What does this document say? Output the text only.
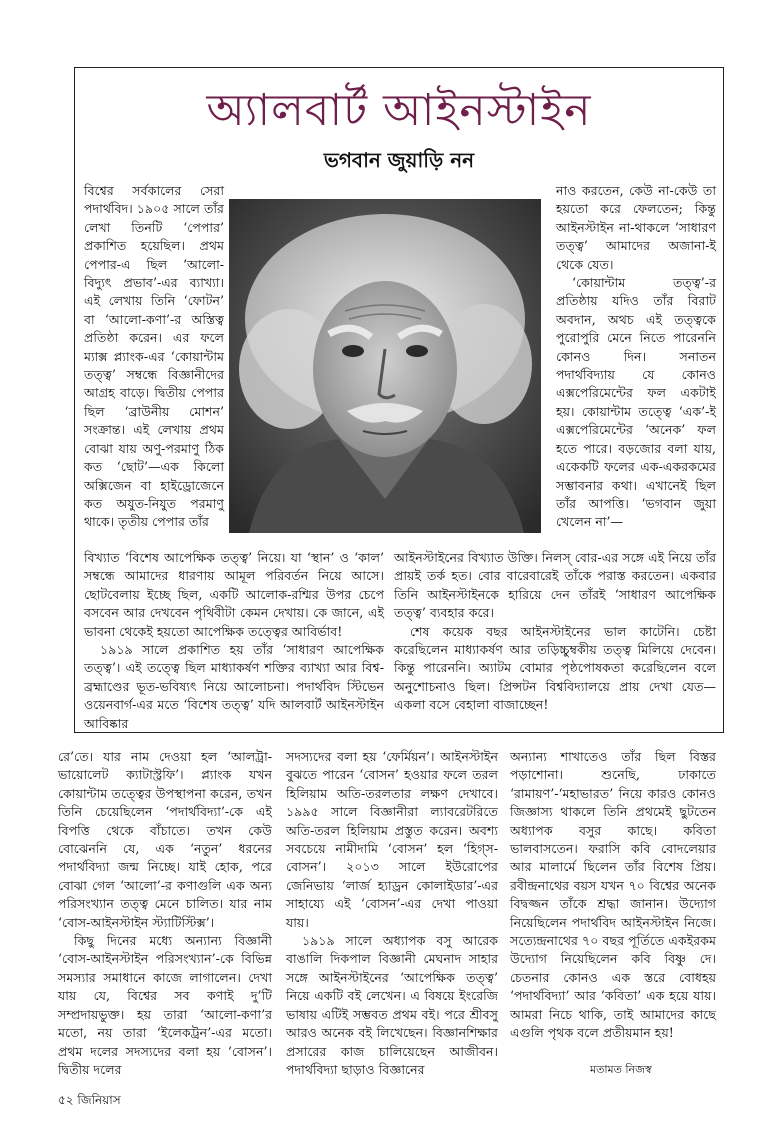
অ্যালবার্ট আইনস্টাইন
ভগবান জুয়াড়ি নন

বিশ্বের সর্বকালের সেরা পদার্থবিদ। ১৯০৫ সালে তাঁর লেখা তিনটি ‘পেপার’ প্রকাশিত হয়েছিল। প্রথম পেপার-এ ছিল ‘আলো-বিদ্যুৎ প্রভাব’-এর ব্যাখ্যা। এই লেখায় তিনি ‘ফোটন’ বা ‘আলো-কণা’-র অস্তিত্ব প্রতিষ্ঠা করেন। এর ফলে ম্যাক্স প্ল্যাংক-এর ‘কোয়ান্টাম তত্ত্ব’ সম্বন্ধে বিজ্ঞানীদের আগ্রহ বাড়ে। দ্বিতীয় পেপার ছিল ‘ব্রাউনীয় মোশন’ সংক্রান্ত। এই লেখায় প্রথম বোঝা যায় অণু-পরমাণু ঠিক কত ‘ছোট’—এক কিলো অক্সিজেন বা হাইড্রোজেনে কত অযুত-নিযুত পরমাণু থাকে। তৃতীয় পেপার তাঁর

নাও করতেন, কেউ না-কেউ তা হয়তো করে ফেলতেন; কিন্তু আইনস্টাইন না-থাকলে ‘সাধারণ তত্ত্ব’ আমাদের অজানা-ই থেকে যেত।

‘কোয়ান্টাম তত্ত্ব’-র প্রতিষ্ঠায় যদিও তাঁর বিরাট অবদান, অথচ এই তত্ত্বকে পুরোপুরি মেনে নিতে পারেননি কোনও দিন। সনাতন পদার্থবিদ্যায় যে কোনও এক্সপেরিমেন্টের ফল একটাই হয়। কোয়ান্টাম তত্ত্বে ‘এক’-ই এক্সপেরিমেন্টের ‘অনেক’ ফল হতে পারে। বড়জোর বলা যায়, একেকটি ফলের এক-একরকমের সম্ভাবনার কথা। এখানেই ছিল তাঁর আপত্তি। ‘ভগবান জুয়া খেলেন না’—

বিখ্যাত ‘বিশেষ আপেক্ষিক তত্ত্ব’ নিয়ে। যা ‘স্থান’ ও ‘কাল’ সম্বন্ধে আমাদের ধারণায় আমূল পরিবর্তন নিয়ে আসে। ছোটবেলায় ইচ্ছে ছিল, একটি আলোক-রশ্মির উপর চেপে বসবেন আর দেখবেন পৃথিবীটা কেমন দেখায়। কে জানে, এই ভাবনা থেকেই হয়তো আপেক্ষিক তত্ত্বের আবির্ভাব!

১৯১৯ সালে প্রকাশিত হয় তাঁর ‘সাধারণ আপেক্ষিক তত্ত্ব’। এই তত্ত্বে ছিল মাধ্যাকর্ষণ শক্তির ব্যাখ্যা আর বিশ্ব-ব্রহ্মাণ্ডের ভূত-ভবিষ্যৎ নিয়ে আলোচনা। পদার্থবিদ স্টিভেন ওয়েনবার্গ-এর মতে ‘বিশেষ তত্ত্ব’ যদি আলবার্ট আইনস্টাইন আবিষ্কার

আইনস্টাইনের বিখ্যাত উক্তি। নিলস্ বোর-এর সঙ্গে এই নিয়ে তাঁর প্রায়ই তর্ক হত। বোর বারেবারেই তাঁকে পরাস্ত করতেন। একবার তিনি আইনস্টাইনকে হারিয়ে দেন তাঁরই ‘সাধারণ আপেক্ষিক তত্ত্ব’ ব্যবহার করে।

শেষ কয়েক বছর আইনস্টাইনের ভাল কাটেনি। চেষ্টা করেছিলেন মাধ্যাকর্ষণ আর তড়িচ্চুম্বকীয় তত্ত্ব মিলিয়ে দেবেন। কিন্তু পারেননি। অ্যাটম বোমার পৃষ্ঠপোষকতা করেছিলেন বলে অনুশোচনাও ছিল। প্রিন্সটন বিশ্ববিদ্যালয়ে প্রায় দেখা যেত—একলা বসে বেহালা বাজাচ্ছেন!

রে’তে। যার নাম দেওয়া হল ‘আলট্রা-ভায়োলেট ক্যাটাস্ট্রফি’। প্ল্যাংক যখন কোয়ান্টাম তত্ত্বের উপস্থাপনা করেন, তখন তিনি চেয়েছিলেন ‘পদার্থবিদ্যা’-কে এই বিপত্তি থেকে বাঁচাতে। তখন কেউ বোঝেননি যে, এক ‘নতুন’ ধরনের পদার্থবিদ্যা জন্ম নিচ্ছে। যাই হোক, পরে বোঝা গেল ‘আলো’-র কণাগুলি এক অন্য পরিসংখ্যান তত্ত্ব মেনে চালিত। যার নাম ‘বোস-আইনস্টাইন স্ট্যাটিস্টিক্স’।

কিছু দিনের মধ্যে অন্যান্য বিজ্ঞানী ‘বোস-আইনস্টাইন পরিসংখ্যান’-কে বিভিন্ন সমস্যার সমাধানে কাজে লাগালেন। দেখা যায় যে, বিশ্বের সব কণাই দু’টি সম্প্রদায়ভুক্ত। হয় তারা ‘আলো-কণা’র মতো, নয় তারা ‘ইলেকট্রন’-এর মতো। প্রথম দলের সদস্যদের বলা হয় ‘বোসন’। দ্বিতীয় দলের

সদস্যদের বলা হয় ‘ফের্মিয়ন’। আইনস্টাইন বুঝতে পারেন ‘বোসন’ হওয়ার ফলে তরল হিলিয়াম অতি-তরলতার লক্ষণ দেখাবে। ১৯৯৫ সালে বিজ্ঞানীরা ল্যাবরেটরিতে অতি-তরল হিলিয়াম প্রস্তুত করেন। অবশ্য সবচেয়ে নামীদামি ‘বোসন’ হল ‘হিগ্স-বোসন’। ২০১৩ সালে ইউরোপের জেনিভায় ‘লার্জ হ্যাড্রন কোলাইডার’-এর সাহায্যে এই ‘বোসন’-এর দেখা পাওয়া যায়।

১৯১৯ সালে অধ্যাপক বসু আরেক বাঙালি দিকপাল বিজ্ঞানী মেঘনাদ সাহার সঙ্গে আইনস্টাইনের ‘আপেক্ষিক তত্ত্ব’ নিয়ে একটি বই লেখেন। এ বিষয়ে ইংরেজি ভাষায় এটিই সম্ভবত প্রথম বই। পরে শ্রীবসু আরও অনেক বই লিখেছেন। বিজ্ঞানশিক্ষার প্রসারের কাজ চালিয়েছেন আজীবন। পদার্থবিদ্যা ছাড়াও বিজ্ঞানের

অন্যান্য শাখাতেও তাঁর ছিল বিস্তর পড়াশোনা। শুনেছি, ঢাকাতে ‘রামায়ণ’-‘মহাভারত’ নিয়ে কারও কোনও জিজ্ঞাস্য থাকলে তিনি প্রথমেই ছুটতেন অধ্যাপক বসুর কাছে। কবিতা ভালবাসতেন। ফরাসি কবি বোদলেয়ার আর মালার্মে ছিলেন তাঁর বিশেষ প্রিয়। রবীন্দ্রনাথের বয়স যখন ৭০ বিশ্বের অনেক বিদ্বজ্জন তাঁকে শ্রদ্ধা জানান। উদ্যোগ নিয়েছিলেন পদার্থবিদ আইনস্টাইন নিজে। সত্যেন্দ্রনাথের ৭০ বছর পূর্তিতে একইরকম উদ্যোগ নিয়েছিলেন কবি বিষ্ণু দে। চেতনার কোনও এক স্তরে বোধহয় ‘পদার্থবিদ্যা’ আর ‘কবিতা’ এক হয়ে যায়। আমরা নিচে থাকি, তাই আমাদের কাছে এগুলি পৃথক বলে প্রতীয়মান হয়!

মতামত নিজস্ব
৫২ জিনিয়াস
